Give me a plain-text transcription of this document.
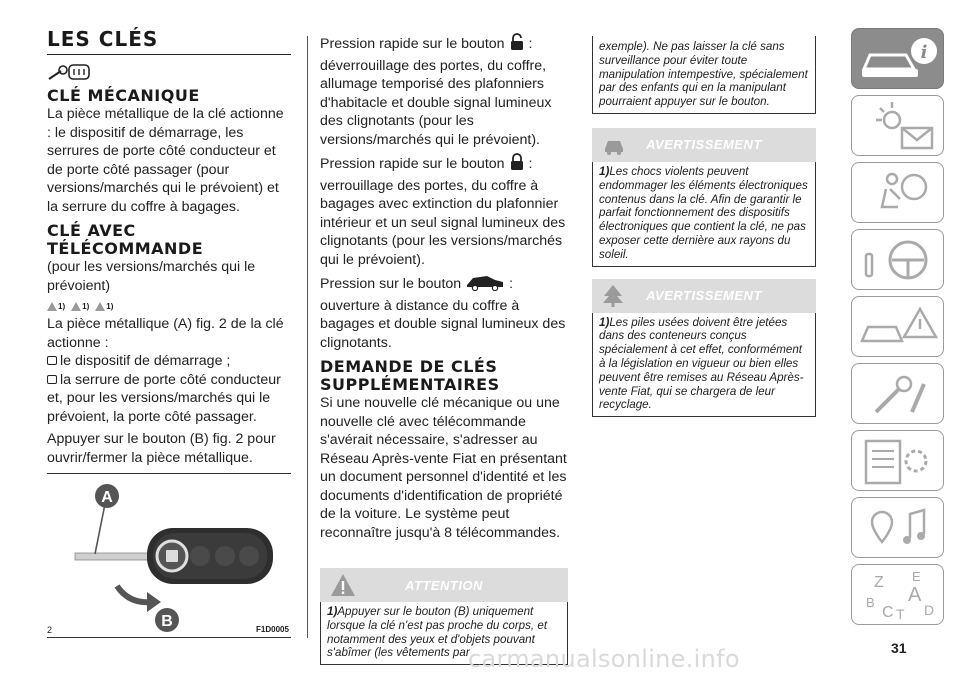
LES CLÉS
CLÉ MÉCANIQUE

La pièce métallique de la clé actionne : le dispositif de démarrage, les serrures de porte côté conducteur et de porte côté passager (pour versions/marchés qui le prévoient) et la serrure du coffre à bagages.

CLÉ AVEC TÉLÉCOMMANDE

(pour les versions/marchés qui le prévoient)

1) 1) 1)

La pièce métallique (A) fig. 2 de la clé actionne :

le dispositif de démarrage ;

la serrure de porte côté conducteur

et, pour les versions/marchés qui le prévoient, la porte côté passager.

Appuyer sur le bouton (B) fig. 2 pour ouvrir/fermer la pièce métallique.

A
B
2	F1D0005

Pression rapide sur le bouton :

déverrouillage des portes, du coffre, allumage temporisé des plafonniers d'habitacle et double signal lumineux des clignotants (pour les versions/marchés qui le prévoient).

Pression rapide sur le bouton :

verrouillage des portes, du coffre à bagages avec extinction du plafonnier intérieur et un seul signal lumineux des clignotants (pour les versions/marchés qui le prévoient).

Pression sur le bouton	:

ouverture à distance du coffre à bagages et double signal lumineux des clignotants.

DEMANDE DE CLÉS SUPPLÉMENTAIRES

Si une nouvelle clé mécanique ou une nouvelle clé avec télécommande s'avérait nécessaire, s'adresser au Réseau Après-vente Fiat en présentant un document personnel d'identité et les documents d'identification de propriété de la voiture. Le système peut reconnaître jusqu'à 8 télécommandes.

ATTENTION
1)Appuyer sur le bouton (B) uniquement lorsque la clé n'est pas proche du corps, et notamment des yeux et d'objets pouvant s'abîmer (les vêtements par
exemple). Ne pas laisser la clé sans surveillance pour éviter toute manipulation intempestive, spécialement par des enfants qui en la manipulant pourraient appuyer sur le bouton.
AVERTISSEMENT
1)Les chocs violents peuvent endommager les éléments électroniques contenus dans la clé. Afin de garantir le parfait fonctionnement des dispositifs électroniques que contient la clé, ne pas exposer cette dernière aux rayons du soleil.
AVERTISSEMENT
1)Les piles usées doivent être jetées dans des conteneurs conçus spécialement à cet effet, conformément à la législation en vigueur ou bien elles peuvent être remises au Réseau Après-vente Fiat, qui se chargera de leur recyclage.
i
Z E
A
B
C T D
31
carmanualsonline.info
